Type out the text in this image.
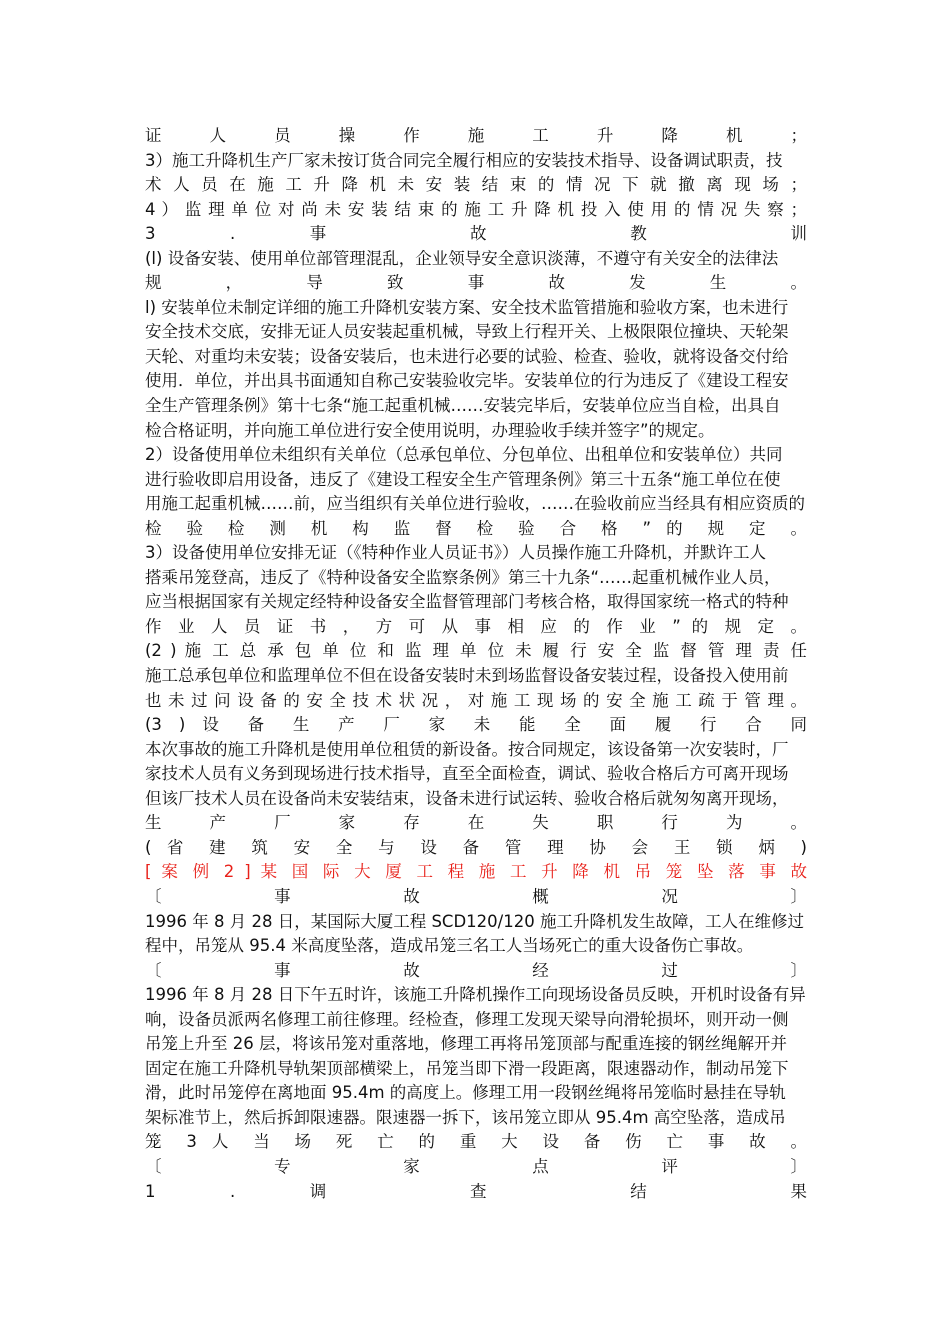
证 人 员 操 作 施 工 升 降 机 ；
3）施工升降机生产厂家未按订货合同完全履行相应的安装技术指导、设备调试职责，技
术 人 员 在 施 工 升 降 机 未 安 装 结 束 的 情 况 下 就 撤 离 现 场 ；
4 ） 监 理 单 位 对 尚 未 安 装 结 束 的 施 工 升 降 机 投 入 使 用 的 情 况 失 察 ；
3 . 事 故 教 训
(l) 设备安装、使用单位部管理混乱，企业领导安全意识淡薄，不遵守有关安全的法律法
规 ， 导 致 事 故 发 生 。
l) 安装单位未制定详细的施工升降机安装方案、安全技术监管措施和验收方案，也未进行
安全技术交底，安排无证人员安装起重机械，导致上行程开关、上极限限位撞块、天轮架
天轮、对重均未安装；设备安装后，也未进行必要的试验、检查、验收，就将设备交付给
使用．单位，并出具书面通知自称己安装验收完毕。安装单位的行为违反了《建设工程安
全生产管理条例》第十七条“施工起重机械……安装完毕后，安装单位应当自检，出具自
检合格证明，并向施工单位进行安全使用说明，办理验收手续并签字”的规定。
2）设备使用单位未组织有关单位（总承包单位、分包单位、出租单位和安装单位）共同
进行验收即启用设备，违反了《建设工程安全生产管理条例》第三十五条“施工单位在使
用施工起重机械……前，应当组织有关单位进行验收，……在验收前应当经具有相应资质的
检 验 检 测 机 构 监 督 检 验 合 格 ” 的 规 定 。
3）设备使用单位安排无证（《特种作业人员证书》）人员操作施工升降机，并默许工人
搭乘吊笼登高，违反了《特种设备安全监察条例》第三十九条“……起重机械作业人员，
应当根据国家有关规定经特种设备安全监督管理部门考核合格，取得国家统一格式的特种
作 业 人 员 证 书 ， 方 可 从 事 相 应 的 作 业 ” 的 规 定 。
(2 ) 施 工 总 承 包 单 位 和 监 理 单 位 未 履 行 安 全 监 督 管 理 责 任
施工总承包单位和监理单位不但在设备安装时未到场监督设备安装过程，设备投入使用前
也 未 过 问 设 备 的 安 全 技 术 状 况 ， 对 施 工 现 场 的 安 全 施 工 疏 于 管 理 。
(3 ) 设 备 生 产 厂 家 未 能 全 面 履 行 合 同
本次事故的施工升降机是使用单位租赁的新设备。按合同规定，该设备第一次安装时，厂
家技术人员有义务到现场进行技术指导，直至全面检查，调试、验收合格后方可离开现场
但该厂技术人员在设备尚未安装结束，设备未进行试运转、验收合格后就匆匆离开现场，
生 产 厂 家 存 在 失 职 行 为 。
( 省 建 筑 安 全 与 设 备 管 理 协 会 王 锁 炳 )
[ 案 例 2 ] 某 国 际 大 厦 工 程 施 工 升 降 机 吊 笼 坠 落 事 故
〔 事 故 概 况 〕
1996 年 8 月 28 日，某国际大厦工程 SCD120/120 施工升降机发生故障，工人在维修过
程中，吊笼从 95.4 米高度坠落，造成吊笼三名工人当场死亡的重大设备伤亡事故。
〔 事 故 经 过 〕
1996 年 8 月 28 日下午五时许，该施工升降机操作工向现场设备员反映，开机时设备有异
响，设备员派两名修理工前往修理。经检查，修理工发现天梁导向滑轮损坏，则开动一侧
吊笼上升至 26 层，将该吊笼对重落地，修理工再将吊笼顶部与配重连接的钢丝绳解开并
固定在施工升降机导轨架顶部横梁上，吊笼当即下滑一段距离，限速器动作，制动吊笼下
滑，此时吊笼停在离地面 95.4m 的高度上。修理工用一段钢丝绳将吊笼临时悬挂在导轨
架标准节上，然后拆卸限速器。限速器一拆下，该吊笼立即从 95.4m 高空坠落，造成吊
笼 3 人 当 场 死 亡 的 重 大 设 备 伤 亡 事 故 。
〔 专 家 点 评 〕
1 . 调 查 结 果
